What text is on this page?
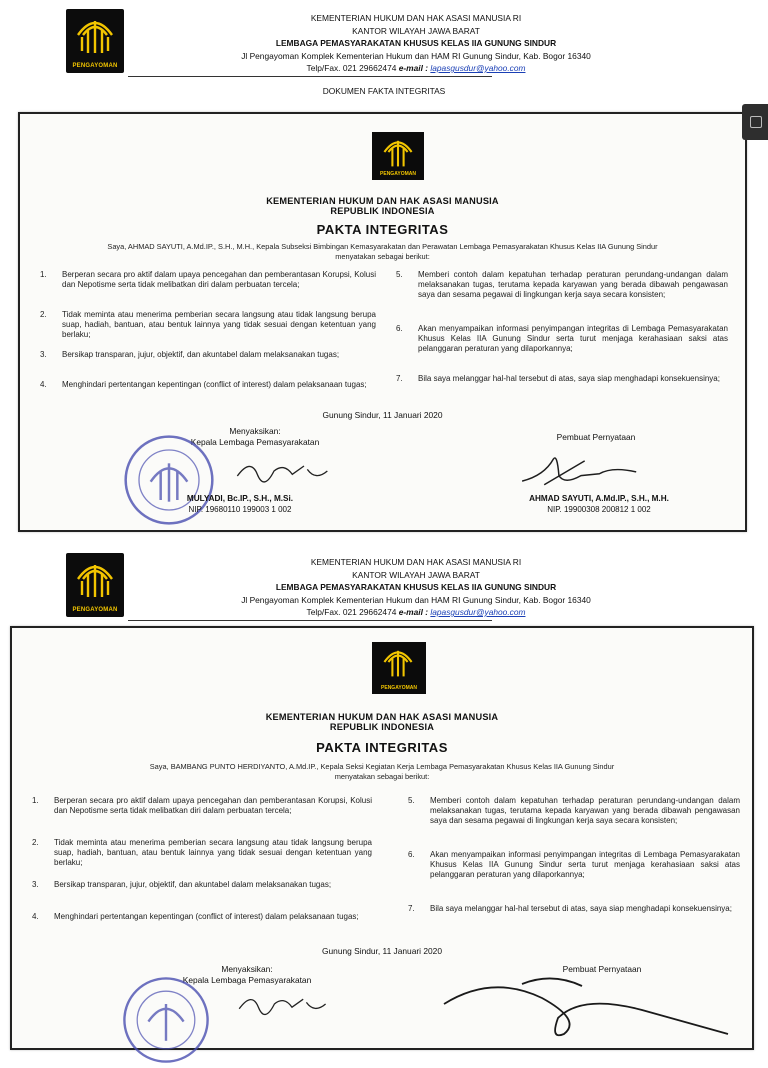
PENGAYOMAN
KEMENTERIAN HUKUM DAN HAK ASASI MANUSIA RI
KANTOR WILAYAH JAWA BARAT
LEMBAGA PEMASYARAKATAN KHUSUS KELAS IIA GUNUNG SINDUR
Jl Pengayoman Komplek Kementerian Hukum dan HAM RI Gunung Sindur, Kab. Bogor 16340
Telp/Fax. 021 29662474 e-mail : lapasgusdur@yahoo.com
DOKUMEN FAKTA INTEGRITAS
PENGAYOMAN
KEMENTERIAN HUKUM DAN HAK ASASI MANUSIA
REPUBLIK INDONESIA
PAKTA INTEGRITAS
Saya, AHMAD SAYUTI, A.Md.IP., S.H., M.H., Kepala Subseksi Bimbingan Kemasyarakatan dan Perawatan Lembaga Pemasyarakatan Khusus Kelas IIA Gunung Sindur
menyatakan sebagai berikut:
1. Berperan secara pro aktif dalam upaya pencegahan dan pemberantasan Korupsi, Kolusi dan Nepotisme serta tidak melibatkan diri dalam perbuatan tercela;
2. Tidak meminta atau menerima pemberian secara langsung atau tidak langsung berupa suap, hadiah, bantuan, atau bentuk lainnya yang tidak sesuai dengan ketentuan yang berlaku;
3. Bersikap transparan, jujur, objektif, dan akuntabel dalam melaksanakan tugas;
4. Menghindari pertentangan kepentingan (conflict of interest) dalam pelaksanaan tugas;
5. Memberi contoh dalam kepatuhan terhadap peraturan perundang-undangan dalam melaksanakan tugas, terutama kepada karyawan yang berada dibawah pengawasan saya dan sesama pegawai di lingkungan kerja saya secara konsisten;
6. Akan menyampaikan informasi penyimpangan integritas di Lembaga Pemasyarakatan Khusus Kelas IIA Gunung Sindur serta turut menjaga kerahasiaan saksi atas pelanggaran peraturan yang dilaporkannya;
7. Bila saya melanggar hal-hal tersebut di atas, saya siap menghadapi konsekuensinya;
Gunung Sindur, 11 Januari 2020
Menyaksikan:
Kepala Lembaga Pemasyarakatan
MULYADI, Bc.IP., S.H., M.Si.
NIP. 19680110 199003 1 002
Pembuat Pernyataan
AHMAD SAYUTI, A.Md.IP., S.H., M.H.
NIP. 19900308 200812 1 002
PENGAYOMAN
KEMENTERIAN HUKUM DAN HAK ASASI MANUSIA RI
KANTOR WILAYAH JAWA BARAT
LEMBAGA PEMASYARAKATAN KHUSUS KELAS IIA GUNUNG SINDUR
Jl Pengayoman Komplek Kementerian Hukum dan HAM RI Gunung Sindur, Kab. Bogor 16340
Telp/Fax. 021 29662474 e-mail : lapasgusdur@yahoo.com
PENGAYOMAN
KEMENTERIAN HUKUM DAN HAK ASASI MANUSIA
REPUBLIK INDONESIA
PAKTA INTEGRITAS
Saya, BAMBANG PUNTO HERDIYANTO, A.Md.IP., Kepala Seksi Kegiatan Kerja Lembaga Pemasyarakatan Khusus Kelas IIA Gunung Sindur
menyatakan sebagai berikut:
1. Berperan secara pro aktif dalam upaya pencegahan dan pemberantasan Korupsi, Kolusi dan Nepotisme serta tidak melibatkan diri dalam perbuatan tercela;
2. Tidak meminta atau menerima pemberian secara langsung atau tidak langsung berupa suap, hadiah, bantuan, atau bentuk lainnya yang tidak sesuai dengan ketentuan yang berlaku;
3. Bersikap transparan, jujur, objektif, dan akuntabel dalam melaksanakan tugas;
4. Menghindari pertentangan kepentingan (conflict of interest) dalam pelaksanaan tugas;
5. Memberi contoh dalam kepatuhan terhadap peraturan perundang-undangan dalam melaksanakan tugas, terutama kepada karyawan yang berada dibawah pengawasan saya dan sesama pegawai di lingkungan kerja saya secara konsisten;
6. Akan menyampaikan informasi penyimpangan integritas di Lembaga Pemasyarakatan Khusus Kelas IIA Gunung Sindur serta turut menjaga kerahasiaan saksi atas pelanggaran peraturan yang dilaporkannya;
7. Bila saya melanggar hal-hal tersebut di atas, saya siap menghadapi konsekuensinya;
Gunung Sindur, 11 Januari 2020
Menyaksikan:
Kepala Lembaga Pemasyarakatan
Pembuat Pernyataan
